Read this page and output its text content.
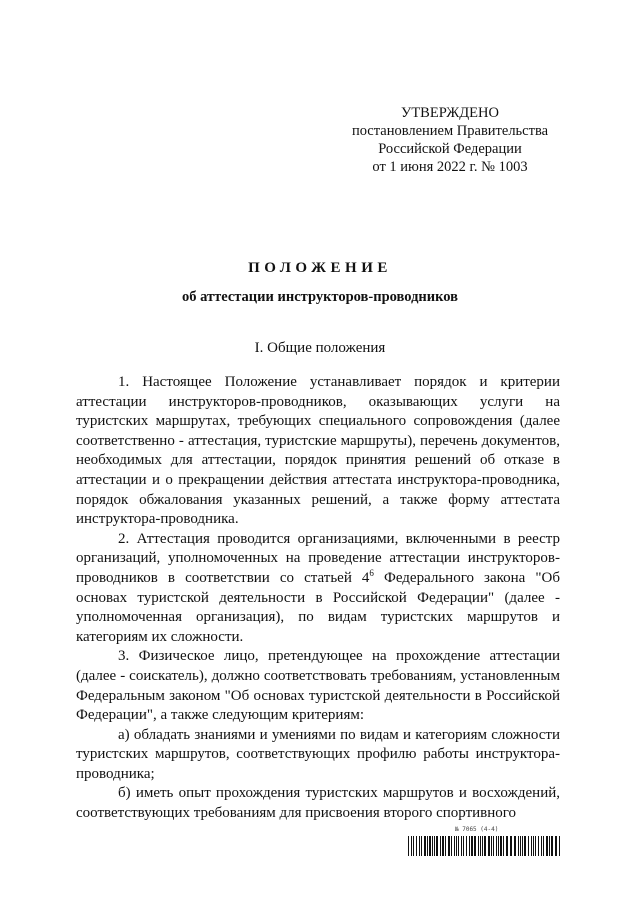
УТВЕРЖДЕНО
постановлением Правительства
Российской Федерации
от 1 июня 2022 г. № 1003
ПОЛОЖЕНИЕ
об аттестации инструкторов-проводников
I. Общие положения

1. Настоящее Положение устанавливает порядок и критерии аттестации инструкторов-проводников, оказывающих услуги на туристских маршрутах, требующих специального сопровождения (далее соответственно - аттестация, туристские маршруты), перечень документов, необходимых для аттестации, порядок принятия решений об отказе в аттестации и о прекращении действия аттестата инструктора-проводника, порядок обжалования указанных решений, а также форму аттестата инструктора-проводника.

2. Аттестация проводится организациями, включенными в реестр организаций, уполномоченных на проведение аттестации инструкторов-проводников в соответствии со статьей $4^6$ Федерального закона "Об основах туристской деятельности в Российской Федерации" (далее - уполномоченная организация), по видам туристских маршрутов и категориям их сложности.

3. Физическое лицо, претендующее на прохождение аттестации (далее - соискатель), должно соответствовать требованиям, установленным Федеральным законом "Об основах туристской деятельности в Российской Федерации", а также следующим критериям:

а) обладать знаниями и умениями по видам и категориям сложности туристских маршрутов, соответствующих профилю работы инструктора-проводника;

б) иметь опыт прохождения туристских маршрутов и восхождений, соответствующих требованиям для присвоения второго спортивного

№ 7065 (4-4)
